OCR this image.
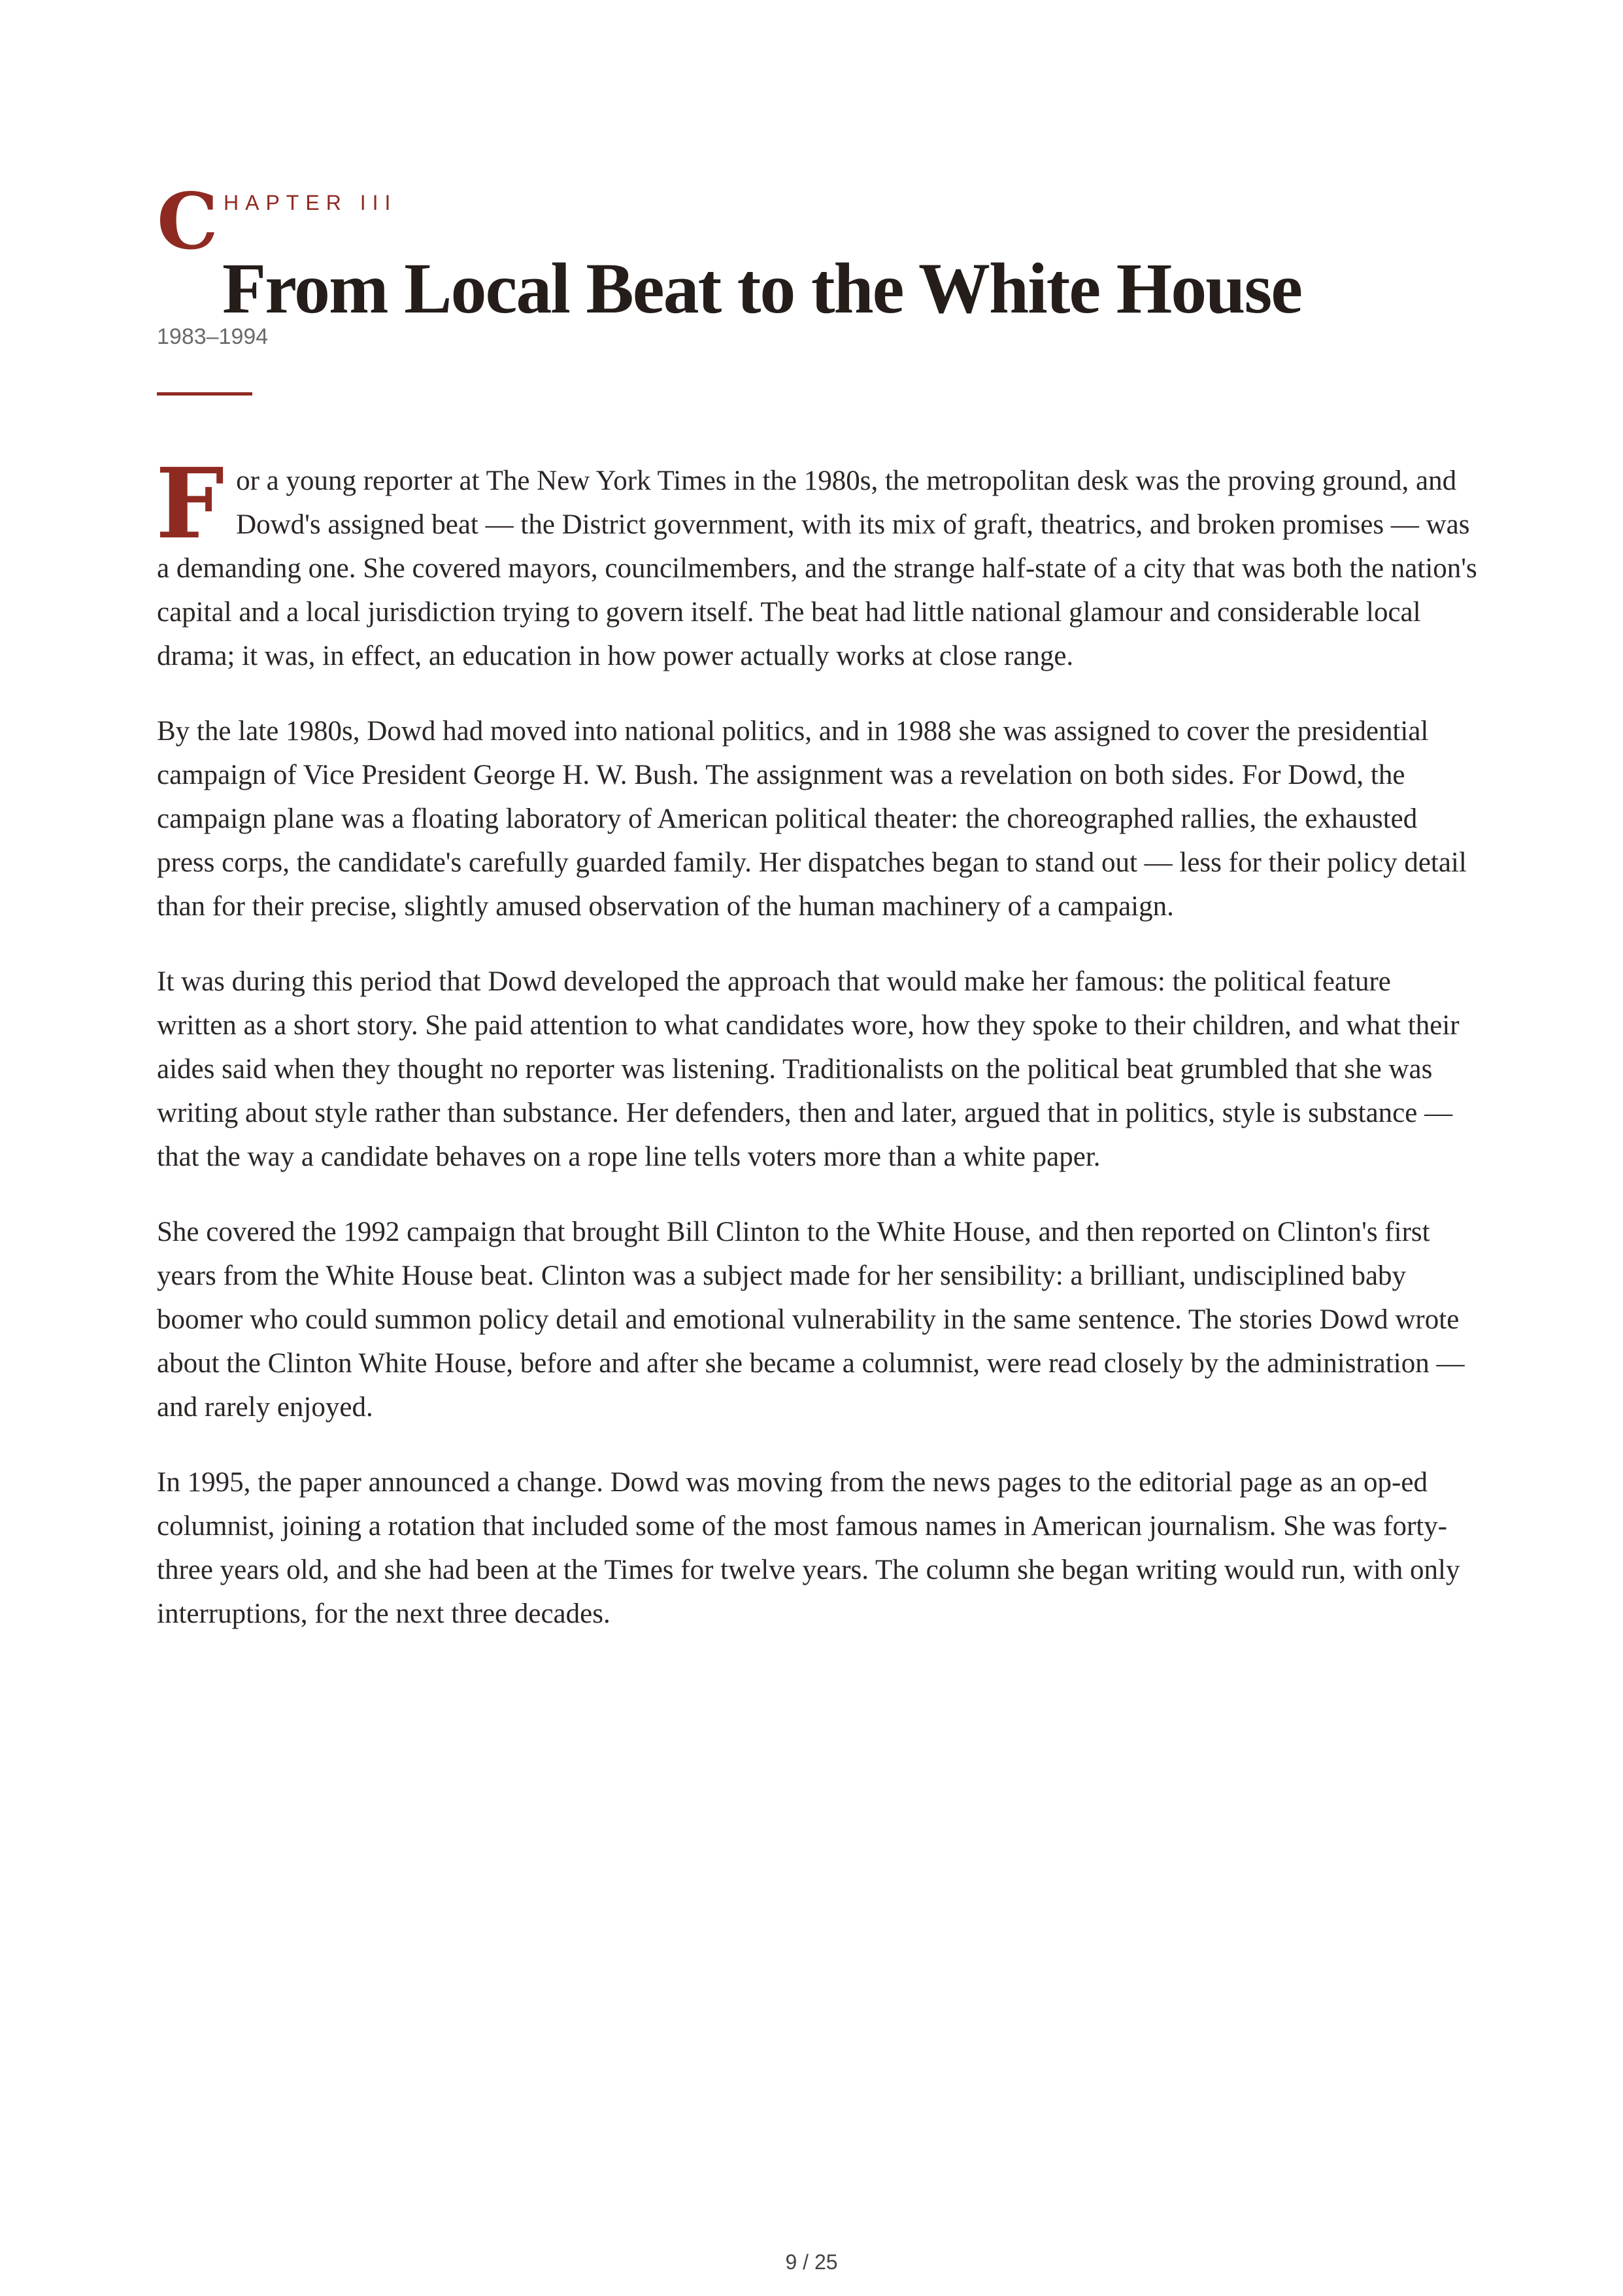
C HAPTER III
From Local Beat to the White House
1983–1994

For a young reporter at The New York Times in the 1980s, the metropolitan desk was the proving ground, and Dowd's assigned beat — the District government, with its mix of graft, theatrics, and broken promises — was a demanding one. She covered mayors, councilmembers, and the strange half-state of a city that was both the nation's capital and a local jurisdiction trying to govern itself. The beat had little national glamour and considerable local drama; it was, in effect, an education in how power actually works at close range.

By the late 1980s, Dowd had moved into national politics, and in 1988 she was assigned to cover the presidential campaign of Vice President George H. W. Bush. The assignment was a revelation on both sides. For Dowd, the campaign plane was a floating laboratory of American political theater: the choreographed rallies, the exhausted press corps, the candidate's carefully guarded family. Her dispatches began to stand out — less for their policy detail than for their precise, slightly amused observation of the human machinery of a campaign.

It was during this period that Dowd developed the approach that would make her famous: the political feature written as a short story. She paid attention to what candidates wore, how they spoke to their children, and what their aides said when they thought no reporter was listening. Traditionalists on the political beat grumbled that she was writing about style rather than substance. Her defenders, then and later, argued that in politics, style is substance — that the way a candidate behaves on a rope line tells voters more than a white paper.

She covered the 1992 campaign that brought Bill Clinton to the White House, and then reported on Clinton's first years from the White House beat. Clinton was a subject made for her sensibility: a brilliant, undisciplined baby boomer who could summon policy detail and emotional vulnerability in the same sentence. The stories Dowd wrote about the Clinton White House, before and after she became a columnist, were read closely by the administration — and rarely enjoyed.

In 1995, the paper announced a change. Dowd was moving from the news pages to the editorial page as an op-ed columnist, joining a rotation that included some of the most famous names in American journalism. She was forty-three years old, and she had been at the Times for twelve years. The column she began writing would run, with only interruptions, for the next three decades.

9 / 25
